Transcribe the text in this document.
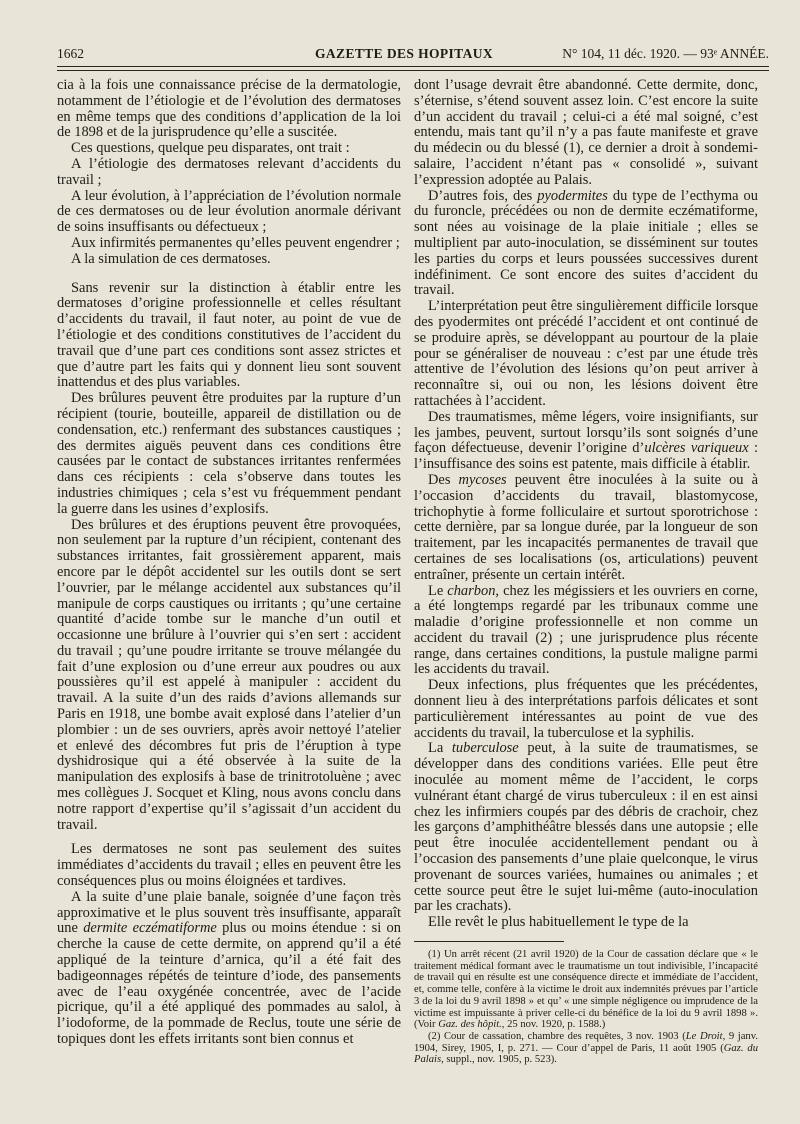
1662	GAZETTE DES HOPITAUX	N° 104, 11 déc. 1920. — 93ᵉ ANNÉE.

cia à la fois une connaissance précise de la dermatologie, notamment de l’étiologie et de l’évolution des dermatoses en même temps que des conditions d’application de la loi de 1898 et de la jurisprudence qu’elle a suscitée.

Ces questions, quelque peu disparates, ont trait :

A l’étiologie des dermatoses relevant d’accidents du travail ;

A leur évolution, à l’appréciation de l’évolution normale de ces dermatoses ou de leur évolution anormale dérivant de soins insuffisants ou défectueux ;

Aux infirmités permanentes qu’elles peuvent engendrer ;

A la simulation de ces dermatoses.

Sans revenir sur la distinction à établir entre les dermatoses d’origine professionnelle et celles résultant d’accidents du travail, il faut noter, au point de vue de l’étiologie et des conditions constitutives de l’accident du travail que d’une part ces conditions sont assez strictes et que d’autre part les faits qui y donnent lieu sont souvent inattendus et des plus variables.

Des brûlures peuvent être produites par la rupture d’un récipient (tourie, bouteille, appareil de distillation ou de condensation, etc.) renfermant des substances caustiques ; des dermites aiguës peuvent dans ces conditions être causées par le contact de substances irritantes renfermées dans ces récipients : cela s’observe dans toutes les industries chimiques ; cela s’est vu fréquemment pendant la guerre dans les usines d’explosifs.

Des brûlures et des éruptions peuvent être provoquées, non seulement par la rupture d’un récipient, contenant des substances irritantes, fait grossièrement apparent, mais encore par le dépôt accidentel sur les outils dont se sert l’ouvrier, par le mélange accidentel aux substances qu’il manipule de corps caustiques ou irritants ; qu’une certaine quantité d’acide tombe sur le manche d’un outil et occasionne une brûlure à l’ouvrier qui s’en sert : accident du travail ; qu’une poudre irritante se trouve mélangée du fait d’une explosion ou d’une erreur aux poudres ou aux poussières qu’il est appelé à manipuler : accident du travail. A la suite d’un des raids d’avions allemands sur Paris en 1918, une bombe avait explosé dans l’atelier d’un plombier : un de ses ouvriers, après avoir nettoyé l’atelier et enlevé des décombres fut pris de l’éruption à type dyshidrosique qui a été observée à la suite de la manipulation des explosifs à base de trinitrotoluène ; avec mes collègues J. Socquet et Kling, nous avons conclu dans notre rapport d’expertise qu’il s’agissait d’un accident du travail.

Les dermatoses ne sont pas seulement des suites immédiates d’accidents du travail ; elles en peuvent être les conséquences plus ou moins éloignées et tardives.

A la suite d’une plaie banale, soignée d’une façon très approximative et le plus souvent très insuffisante, apparaît une dermite eczématiforme plus ou moins étendue : si on cherche la cause de cette dermite, on apprend qu’il a été appliqué de la teinture d’arnica, qu’il a été fait des badigeonnages répétés de teinture d’iode, des pansements avec de l’eau oxygénée concentrée, avec de l’acide picrique, qu’il a été appliqué des pommades au salol, à l’iodoforme, de la pommade de Reclus, toute une série de topiques dont les effets irritants sont bien connus et

dont l’usage devrait être abandonné. Cette dermite, donc, s’éternise, s’étend souvent assez loin. C’est encore la suite d’un accident du travail ; celui-ci a été mal soigné, c’est entendu, mais tant qu’il n’y a pas faute manifeste et grave du médecin ou du blessé (1), ce dernier a droit à sondemi-salaire, l’accident n’étant pas « consolidé », suivant l’expression adoptée au Palais.

D’autres fois, des pyodermites du type de l’ecthyma ou du furoncle, précédées ou non de dermite eczématiforme, sont nées au voisinage de la plaie initiale ; elles se multiplient par auto-inoculation, se disséminent sur toutes les parties du corps et leurs poussées successives durent indéfiniment. Ce sont encore des suites d’accident du travail.

L’interprétation peut être singulièrement difficile lorsque des pyodermites ont précédé l’accident et ont continué de se produire après, se développant au pourtour de la plaie pour se généraliser de nouveau : c’est par une étude très attentive de l’évolution des lésions qu’on peut arriver à reconnaître si, oui ou non, les lésions doivent être rattachées à l’accident.

Des traumatismes, même légers, voire insignifiants, sur les jambes, peuvent, surtout lorsqu’ils sont soignés d’une façon défectueuse, devenir l’origine d’ulcères variqueux : l’insuffisance des soins est patente, mais difficile à établir.

Des mycoses peuvent être inoculées à la suite ou à l’occasion d’accidents du travail, blastomycose, trichophytie à forme folliculaire et surtout sporotrichose : cette dernière, par sa longue durée, par la longueur de son traitement, par les incapacités permanentes de travail que certaines de ses localisations (os, articulations) peuvent entraîner, présente un certain intérêt.

Le charbon, chez les mégissiers et les ouvriers en corne, a été longtemps regardé par les tribunaux comme une maladie d’origine professionnelle et non comme un accident du travail (2) ; une jurisprudence plus récente range, dans certaines conditions, la pustule maligne parmi les accidents du travail.

Deux infections, plus fréquentes que les précédentes, donnent lieu à des interprétations parfois délicates et sont particulièrement intéressantes au point de vue des accidents du travail, la tuberculose et la syphilis.

La tuberculose peut, à la suite de traumatismes, se développer dans des conditions variées. Elle peut être inoculée au moment même de l’accident, le corps vulnérant étant chargé de virus tuberculeux : il en est ainsi chez les infirmiers coupés par des débris de crachoir, chez les garçons d’amphithéâtre blessés dans une autopsie ; elle peut être inoculée accidentellement pendant ou à l’occasion des pansements d’une plaie quelconque, le virus provenant de sources variées, humaines ou animales ; et cette source peut être le sujet lui-même (auto-inoculation par les crachats).

Elle revêt le plus habituellement le type de la

(1) Un arrêt récent (21 avril 1920) de la Cour de cassation déclare que « le traitement médical formant avec le traumatisme un tout indivisible, l’incapacité de travail qui en résulte est une conséquence directe et immédiate de l’accident, et, comme telle, confère à la victime le droit aux indemnités prévues par l’article 3 de la loi du 9 avril 1898 » et qu’ « une simple négligence ou imprudence de la victime est impuissante à priver celle-ci du bénéfice de la loi du 9 avril 1898 ». (Voir Gaz. des hôpit., 25 nov. 1920, p. 1588.)

(2) Cour de cassation, chambre des requêtes, 3 nov. 1903 (Le Droit, 9 janv. 1904, Sirey, 1905, I, p. 271. — Cour d’appel de Paris, 11 août 1905 (Gaz. du Palais, suppl., nov. 1905, p. 523).
